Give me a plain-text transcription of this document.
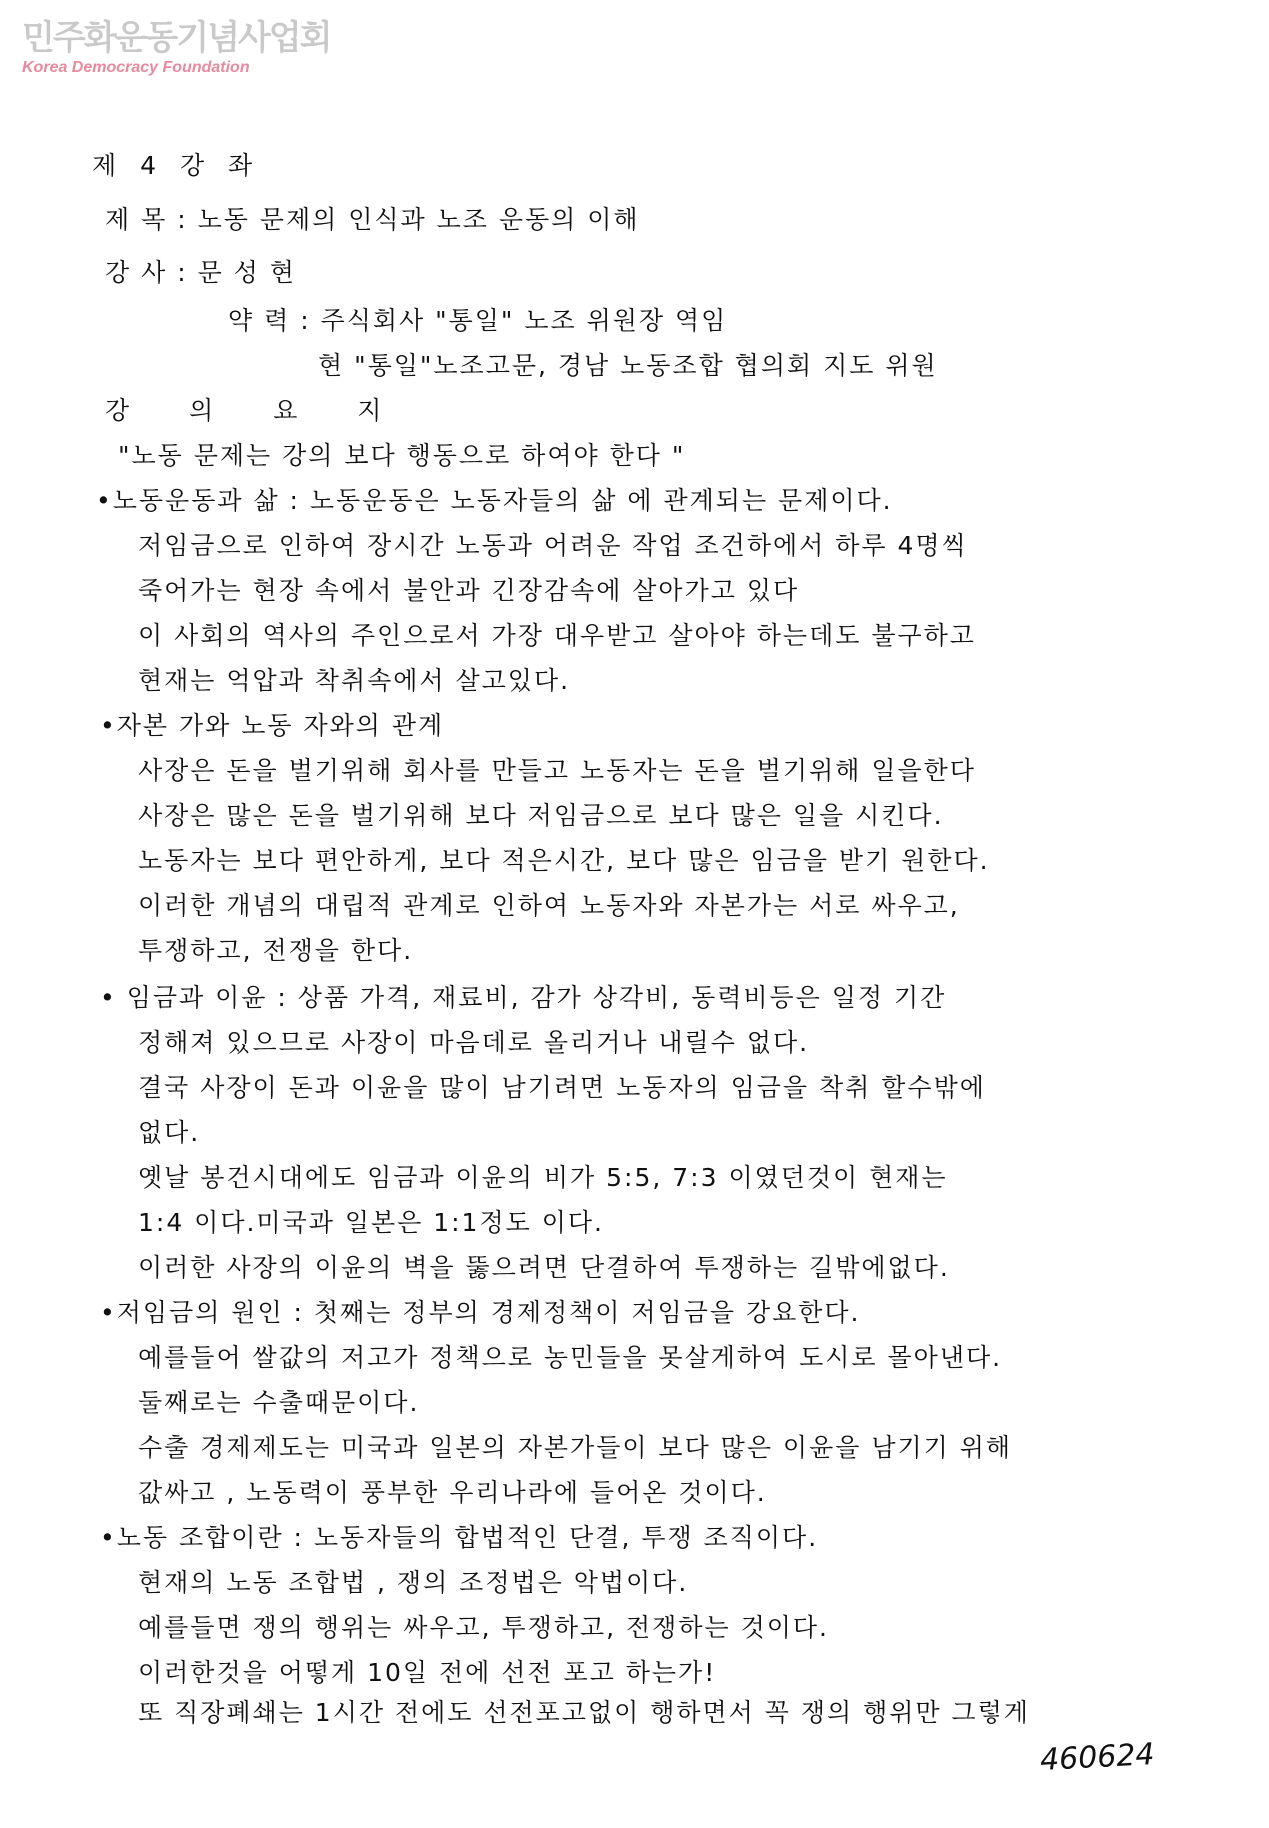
민주화운동기념사업회
Korea Democracy Foundation
제 4 강 좌
제 목 : 노동 문제의 인식과 노조 운동의 이해
강 사 : 문 성 현
약 력 : 주식회사 "통일" 노조 위원장 역임
현 "통일"노조고문, 경남 노동조합 협의회 지도 위원
강 의 요 지
"노동 문제는 강의 보다 행동으로 하여야 한다 "
•노동운동과 삶 : 노동운동은 노동자들의 삶 에 관계되는 문제이다.
저임금으로 인하여 장시간 노동과 어려운 작업 조건하에서 하루 4명씩
죽어가는 현장 속에서 불안과 긴장감속에 살아가고 있다
이 사회의 역사의 주인으로서 가장 대우받고 살아야 하는데도 불구하고
현재는 억압과 착취속에서 살고있다.
•자본 가와 노동 자와의 관계
사장은 돈을 벌기위해 회사를 만들고 노동자는 돈을 벌기위해 일을한다
사장은 많은 돈을 벌기위해 보다 저임금으로 보다 많은 일을 시킨다.
노동자는 보다 편안하게, 보다 적은시간, 보다 많은 임금을 받기 원한다.
이러한 개념의 대립적 관계로 인하여 노동자와 자본가는 서로 싸우고,
투쟁하고, 전쟁을 한다.
• 임금과 이윤 : 상품 가격, 재료비, 감가 상각비, 동력비등은 일정 기간
정해져 있으므로 사장이 마음데로 올리거나 내릴수 없다.
결국 사장이 돈과 이윤을 많이 남기려면 노동자의 임금을 착취 할수밖에
없다.
옛날 봉건시대에도 임금과 이윤의 비가 5:5, 7:3 이였던것이 현재는
1:4 이다.미국과 일본은 1:1정도 이다.
이러한 사장의 이윤의 벽을 뚫으려면 단결하여 투쟁하는 길밖에없다.
•저임금의 원인 : 첫째는 정부의 경제정책이 저임금을 강요한다.
예를들어 쌀값의 저고가 정책으로 농민들을 못살게하여 도시로 몰아낸다.
둘째로는 수출때문이다.
수출 경제제도는 미국과 일본의 자본가들이 보다 많은 이윤을 남기기 위해
값싸고 , 노동력이 풍부한 우리나라에 들어온 것이다.
•노동 조합이란 : 노동자들의 합법적인 단결, 투쟁 조직이다.
현재의 노동 조합법 , 쟁의 조정법은 악법이다.
예를들면 쟁의 행위는 싸우고, 투쟁하고, 전쟁하는 것이다.
이러한것을 어떻게 10일 전에 선전 포고 하는가!
또 직장폐쇄는 1시간 전에도 선전포고없이 행하면서 꼭 쟁의 행위만 그렇게
460624
